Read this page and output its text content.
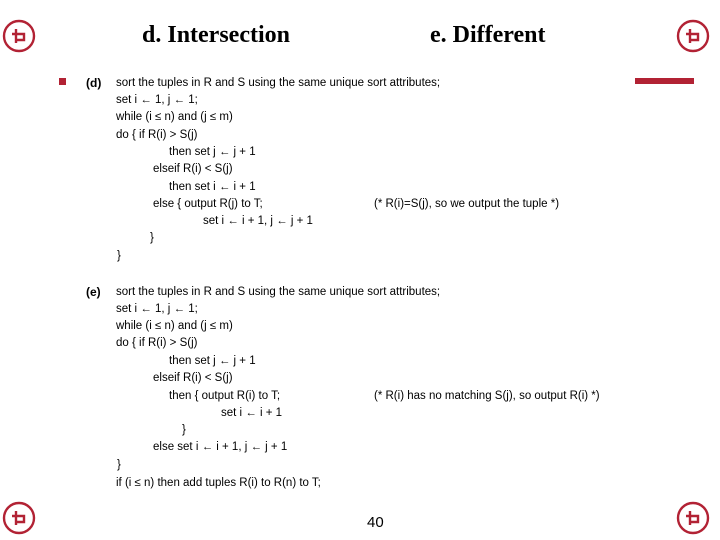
d. Intersection	e. Different
(d) sort the tuples in R and S using the same unique sort attributes;
set i ← 1, j ← 1;
while (i ≤ n) and (j ≤ m)
do { if R(i) > S(j)
then set j ← j + 1
elseif R(i) < S(j)
then set i ← i + 1
else { output R(j) to T;
set i ← i + 1, j ← j + 1
}
}
(* R(i)=S(j), so we output the tuple *)
(e) sort the tuples in R and S using the same unique sort attributes;
set i ← 1, j ← 1;
while (i ≤ n) and (j ≤ m)
do { if R(i) > S(j)
then set j ← j + 1
elseif R(i) < S(j)
then { output R(i) to T;
set i ← i + 1
}
else set i ← i + 1, j ← j + 1
}
if (i ≤ n) then add tuples R(i) to R(n) to T;
(* R(i) has no matching S(j), so output R(i) *)
40
